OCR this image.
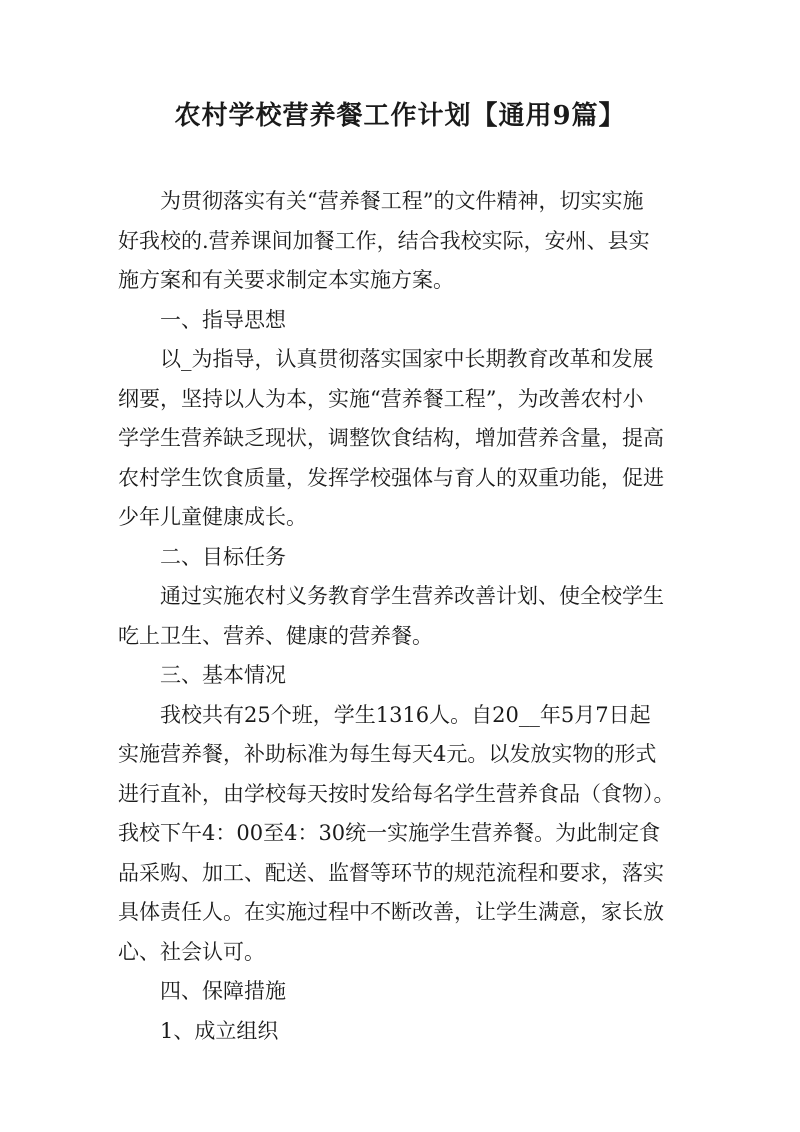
农村学校营养餐工作计划【通用9篇】
为贯彻落实有关“营养餐工程”的文件精神，切实实施
好我校的.营养课间加餐工作，结合我校实际，安州、县实
施方案和有关要求制定本实施方案。
一、指导思想
以_为指导，认真贯彻落实国家中长期教育改革和发展
纲要，坚持以人为本，实施“营养餐工程”，为改善农村小
学学生营养缺乏现状，调整饮食结构，增加营养含量，提高
农村学生饮食质量，发挥学校强体与育人的双重功能，促进
少年儿童健康成长。
二、目标任务
通过实施农村义务教育学生营养改善计划、使全校学生
吃上卫生、营养、健康的营养餐。
三、基本情况
我校共有25个班，学生1316人。自20__年5月7日起
实施营养餐，补助标准为每生每天4元。以发放实物的形式
进行直补，由学校每天按时发给每名学生营养食品（食物）。
我校下午4：00至4：30统一实施学生营养餐。为此制定食
品采购、加工、配送、监督等环节的规范流程和要求，落实
具体责任人。在实施过程中不断改善，让学生满意，家长放
心、社会认可。
四、保障措施
1、成立组织
